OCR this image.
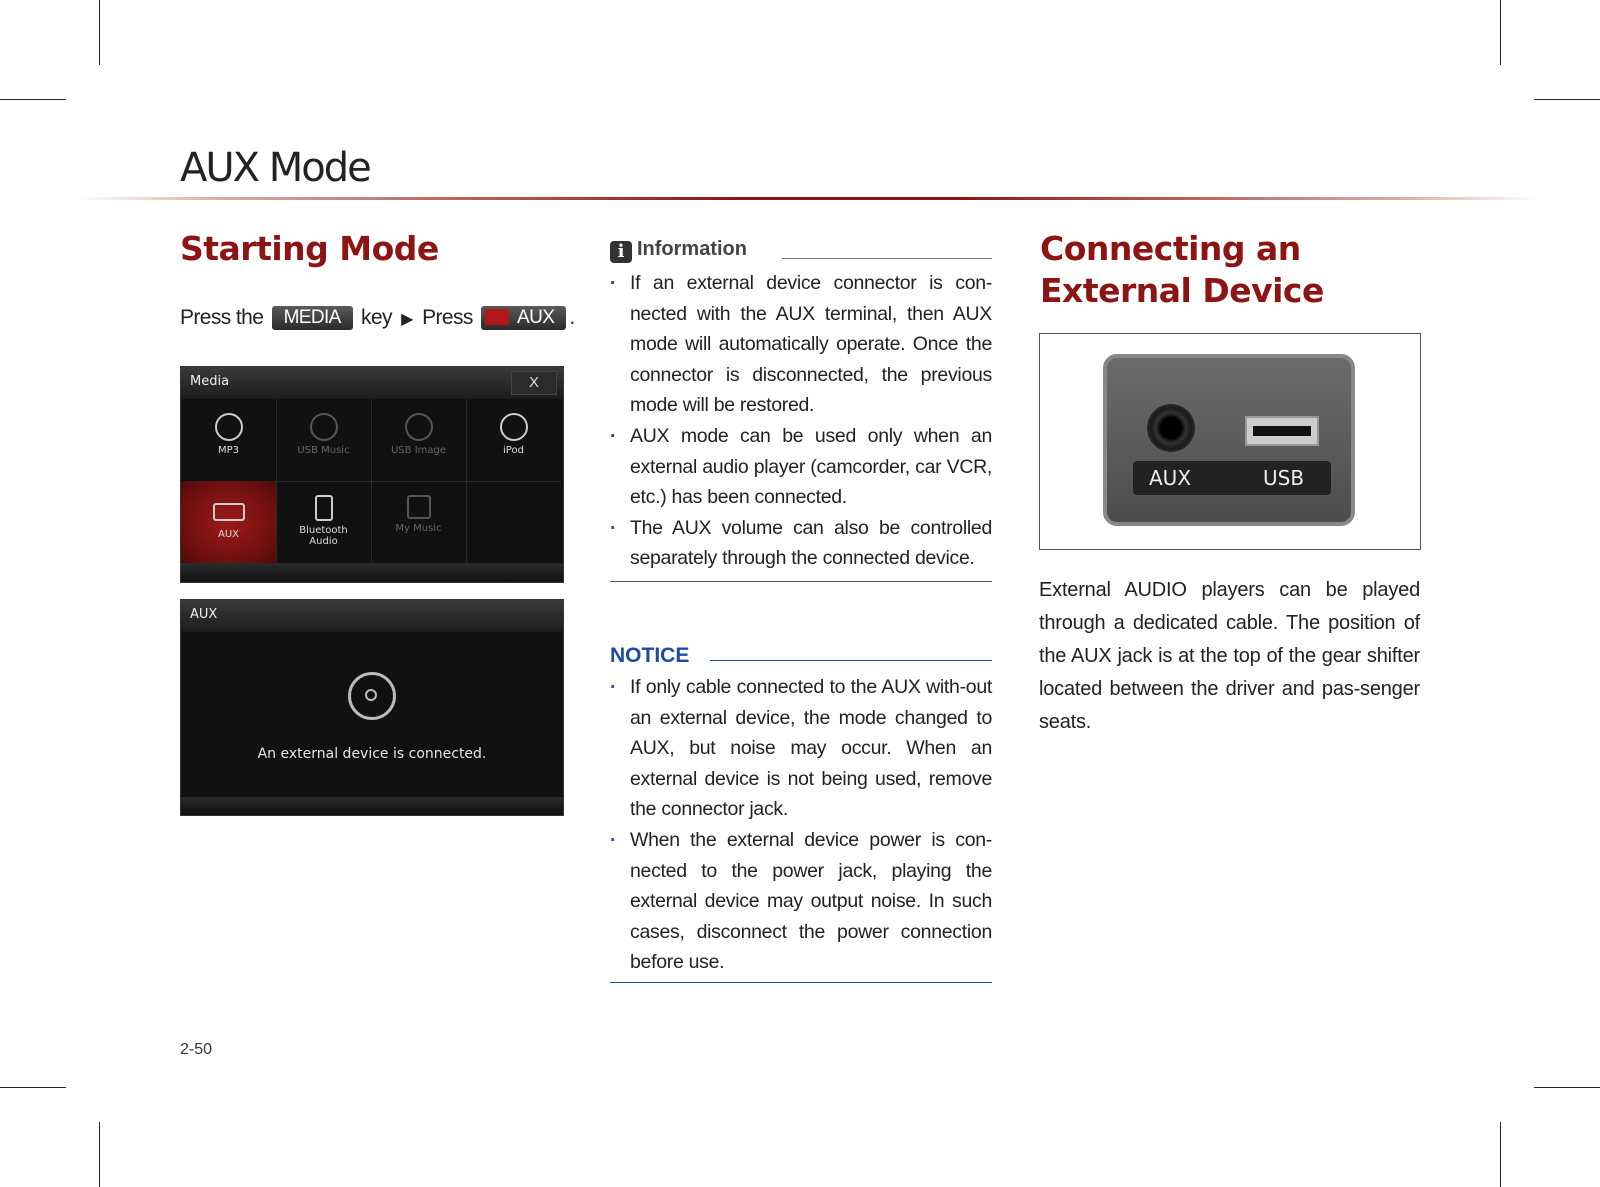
AUX Mode
Starting Mode
Press the MEDIA key ▶ Press AUX .
Media	X
MP3	USB Music	USB Image	iPod
AUX	Bluetooth
Audio
My Music
AUX
An external device is connected.
i Information
· If an external device connector is con-nected with the AUX terminal, then AUX mode will automatically operate. Once the connector is disconnected, the previous mode will be restored.
· AUX mode can be used only when an external audio player (camcorder, car VCR, etc.) has been connected.
· The AUX volume can also be controlled separately through the connected device.
NOTICE
· If only cable connected to the AUX with-out an external device, the mode changed to AUX, but noise may occur. When an external device is not being used, remove the connector jack.
· When the external device power is con-nected to the power jack, playing the external device may output noise. In such cases, disconnect the power connection before use.
Connecting an
External Device
AUX	USB
External AUDIO players can be played through a dedicated cable. The position of the AUX jack is at the top of the gear shifter located between the driver and pas-senger seats.
2-50
